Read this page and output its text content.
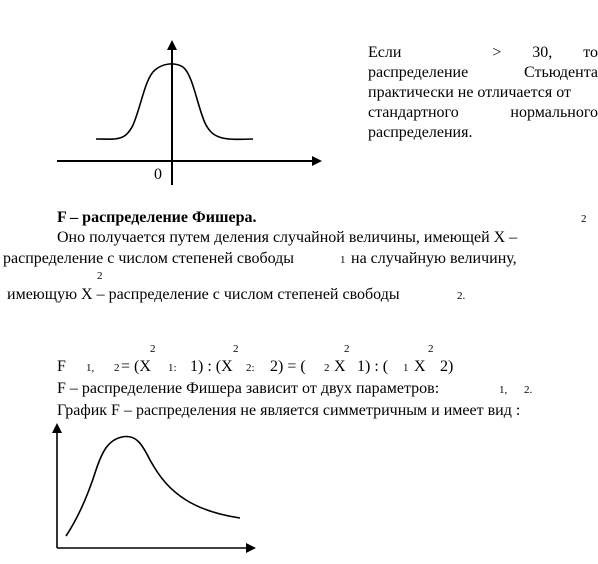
0
Если	> 30, то
распределение	Стьюдента
практически не отличается от
стандартного	нормального
распределения.
F – распределение Фишера.	2
Оно получается путем деления случайной величины, имеющей Х –
распределение с числом степеней свободы	1 на случайную величину,
2
имеющую Х – распределение с числом степеней свободы	2.
F 1, 2 = (Х
2
1: 1) : (Х
2
2: 2) = ( 2 Х
2
1) : ( 1 Х
2
2)
F – распределение Фишера зависит от двух параметров:	1, 2.
График F – распределения не является симметричным и имеет вид :
